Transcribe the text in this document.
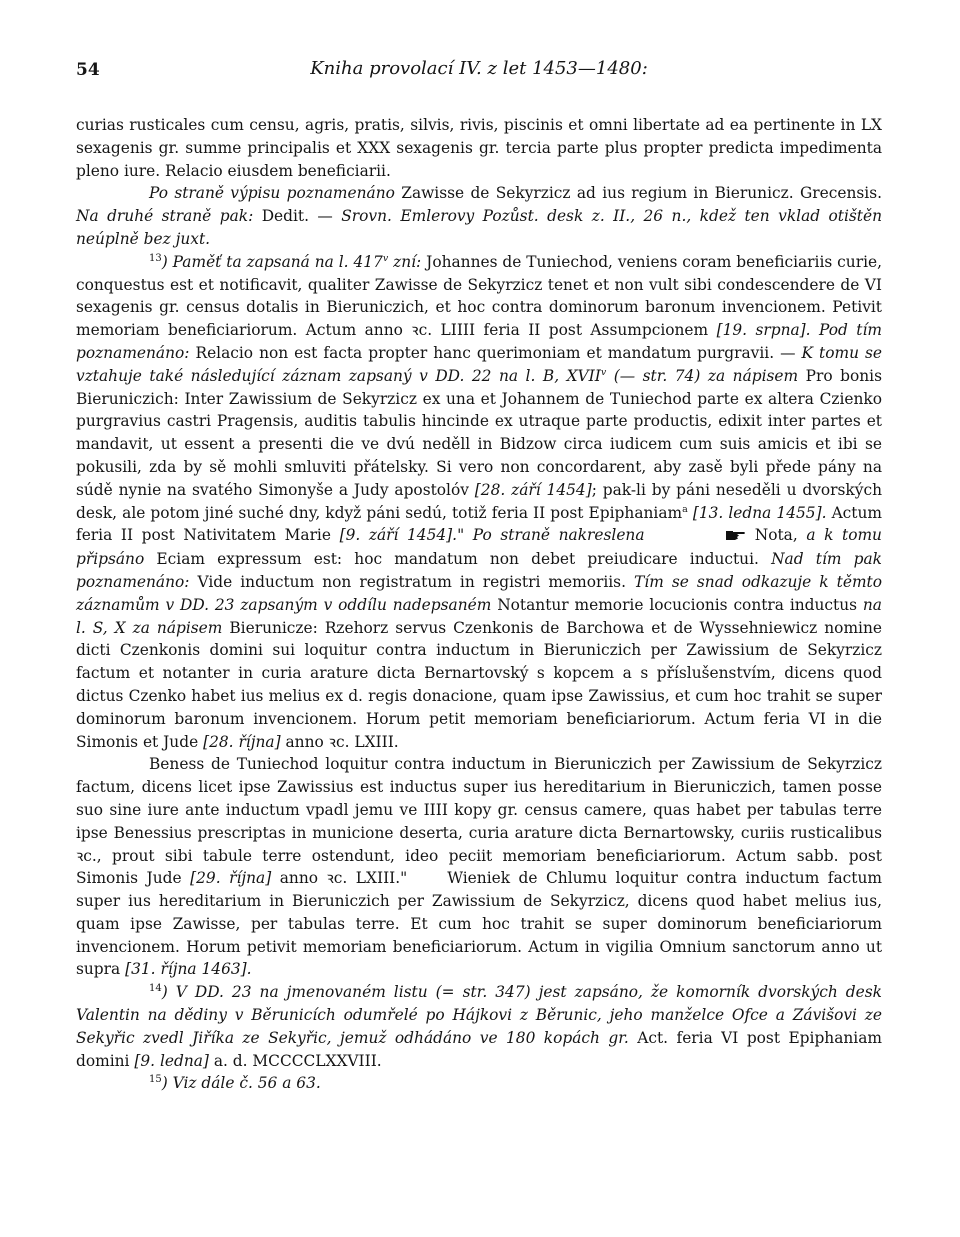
54	Kniha provolací IV. z let 1453—1480:

curias rusticales cum censu, agris, pratis, silvis, rivis, piscinis et omni libertate ad ea pertinente in LX sexagenis gr. summe principalis et XXX sexagenis gr. tercia parte plus propter predicta impedimenta pleno iure. Relacio eiusdem beneficiarii.

Po straně výpisu poznamenáno Zawisse de Sekyrzicz ad ius regium in Bierunicz. Grecensis. Na druhé straně pak: Dedit. — Srovn. Emlerovy Pozůst. desk z. II., 26 n., kdež ten vklad otištěn neúplně bez juxt.

$^{13}$) Paměť ta zapsaná na l. 417$^v$ zní: Johannes de Tuniechod, veniens coram beneficiariis curie, conquestus est et notificavit, qualiter Zawisse de Sekyrzicz tenet et non vult sibi condescendere de VI sexagenis gr. census dotalis in Bieruniczich, et hoc contra dominorum baronum invencionem. Petivit memoriam beneficiariorum. Actum anno ꝛc. LIIII feria II post Assumpcionem [19. srpna]. Pod tím poznamenáno: Relacio non est facta propter hanc querimoniam et mandatum purgravii. — K tomu se vztahuje také následující záznam zapsaný v DD. 22 na l. B, XVII$^v$ (— str. 74) za nápisem Pro bonis Bieruniczich: Inter Zawissium de Sekyrzicz ex una et Johannem de Tuniechod parte ex altera Czienko purgravius castri Pragensis, auditis tabulis hincinde ex utraque parte productis, edixit inter partes et mandavit, ut essent a presenti die ve dvú neděll in Bidzow circa iudicem cum suis amicis et ibi se pokusili, zda by sě mohli smluviti přátelsky. Si vero non concordarent, aby zasě byli přede pány na súdě nynie na svatého Simonyše a Judy apostolóv [28. září 1454]; pak-li by páni neseděli u dvorských desk, ale potom jiné suché dny, když páni sedú, totiž feria II post Epiphaniam$^a$ [13. ledna 1455]. Actum feria II post Nativitatem Marie [9. září 1454]." Po straně nakreslena	Nota, a k tomu připsáno Eciam expressum est: hoc mandatum non debet preiudicare inductui. Nad tím pak poznamenáno: Vide inductum non registratum in registri memoriis. Tím se snad odkazuje k těmto záznamům v DD. 23 zapsaným v oddílu nadepsaném Notantur memorie locucionis contra inductus na l. S, X za nápisem Bierunicze: Rzehorz servus Czenkonis de Barchowa et de Wyssehniewicz nomine dicti Czenkonis domini sui loquitur contra inductum in Bieruniczich per Zawissium de Sekyrzicz factum et notanter in curia arature dicta Bernartovský s kopcem a s příslušenstvím, dicens quod dictus Czenko habet ius melius ex d. regis donacione, quam ipse Zawissius, et cum hoc trahit se super dominorum baronum invencionem. Horum petit memoriam beneficiariorum. Actum feria VI in die Simonis et Jude [28. října] anno ꝛc. LXIII.

Beness de Tuniechod loquitur contra inductum in Bieruniczich per Zawissium de Sekyrzicz factum, dicens licet ipse Zawissius est inductus super ius hereditarium in Bieruniczich, tamen posse suo sine iure ante inductum vpadl jemu ve IIII kopy gr. census camere, quas habet per tabulas terre ipse Benessius prescriptas in municione deserta, curia arature dicta Bernartowsky, curiis rusticalibus ꝛc., prout sibi tabule terre ostendunt, ideo peciit memoriam beneficiariorum. Actum sabb. post Simonis Jude [29. října] anno ꝛc. LXIII."	Wieniek de Chlumu loquitur contra inductum factum super ius hereditarium in Bieruniczich per Zawissium de Sekyrzicz, dicens quod habet melius ius, quam ipse Zawisse, per tabulas terre. Et cum hoc trahit se super dominorum beneficiariorum invencionem. Horum petivit memoriam beneficiariorum. Actum in vigilia Omnium sanctorum anno ut supra [31. října 1463].

$^{14}$) V DD. 23 na jmenovaném listu (= str. 347) jest zapsáno, že komorník dvorských desk Valentin na dědiny v Běrunicích odumřelé po Hájkovi z Běrunic, jeho manželce Ofce a Závišovi ze Sekyřic zvedl Jiříka ze Sekyřic, jemuž odhádáno ve 180 kopách gr. Act. feria VI post Epiphaniam domini [9. ledna] a. d. MCCCCLXXVIII.

$^{15}$) Viz dále č. 56 a 63.
